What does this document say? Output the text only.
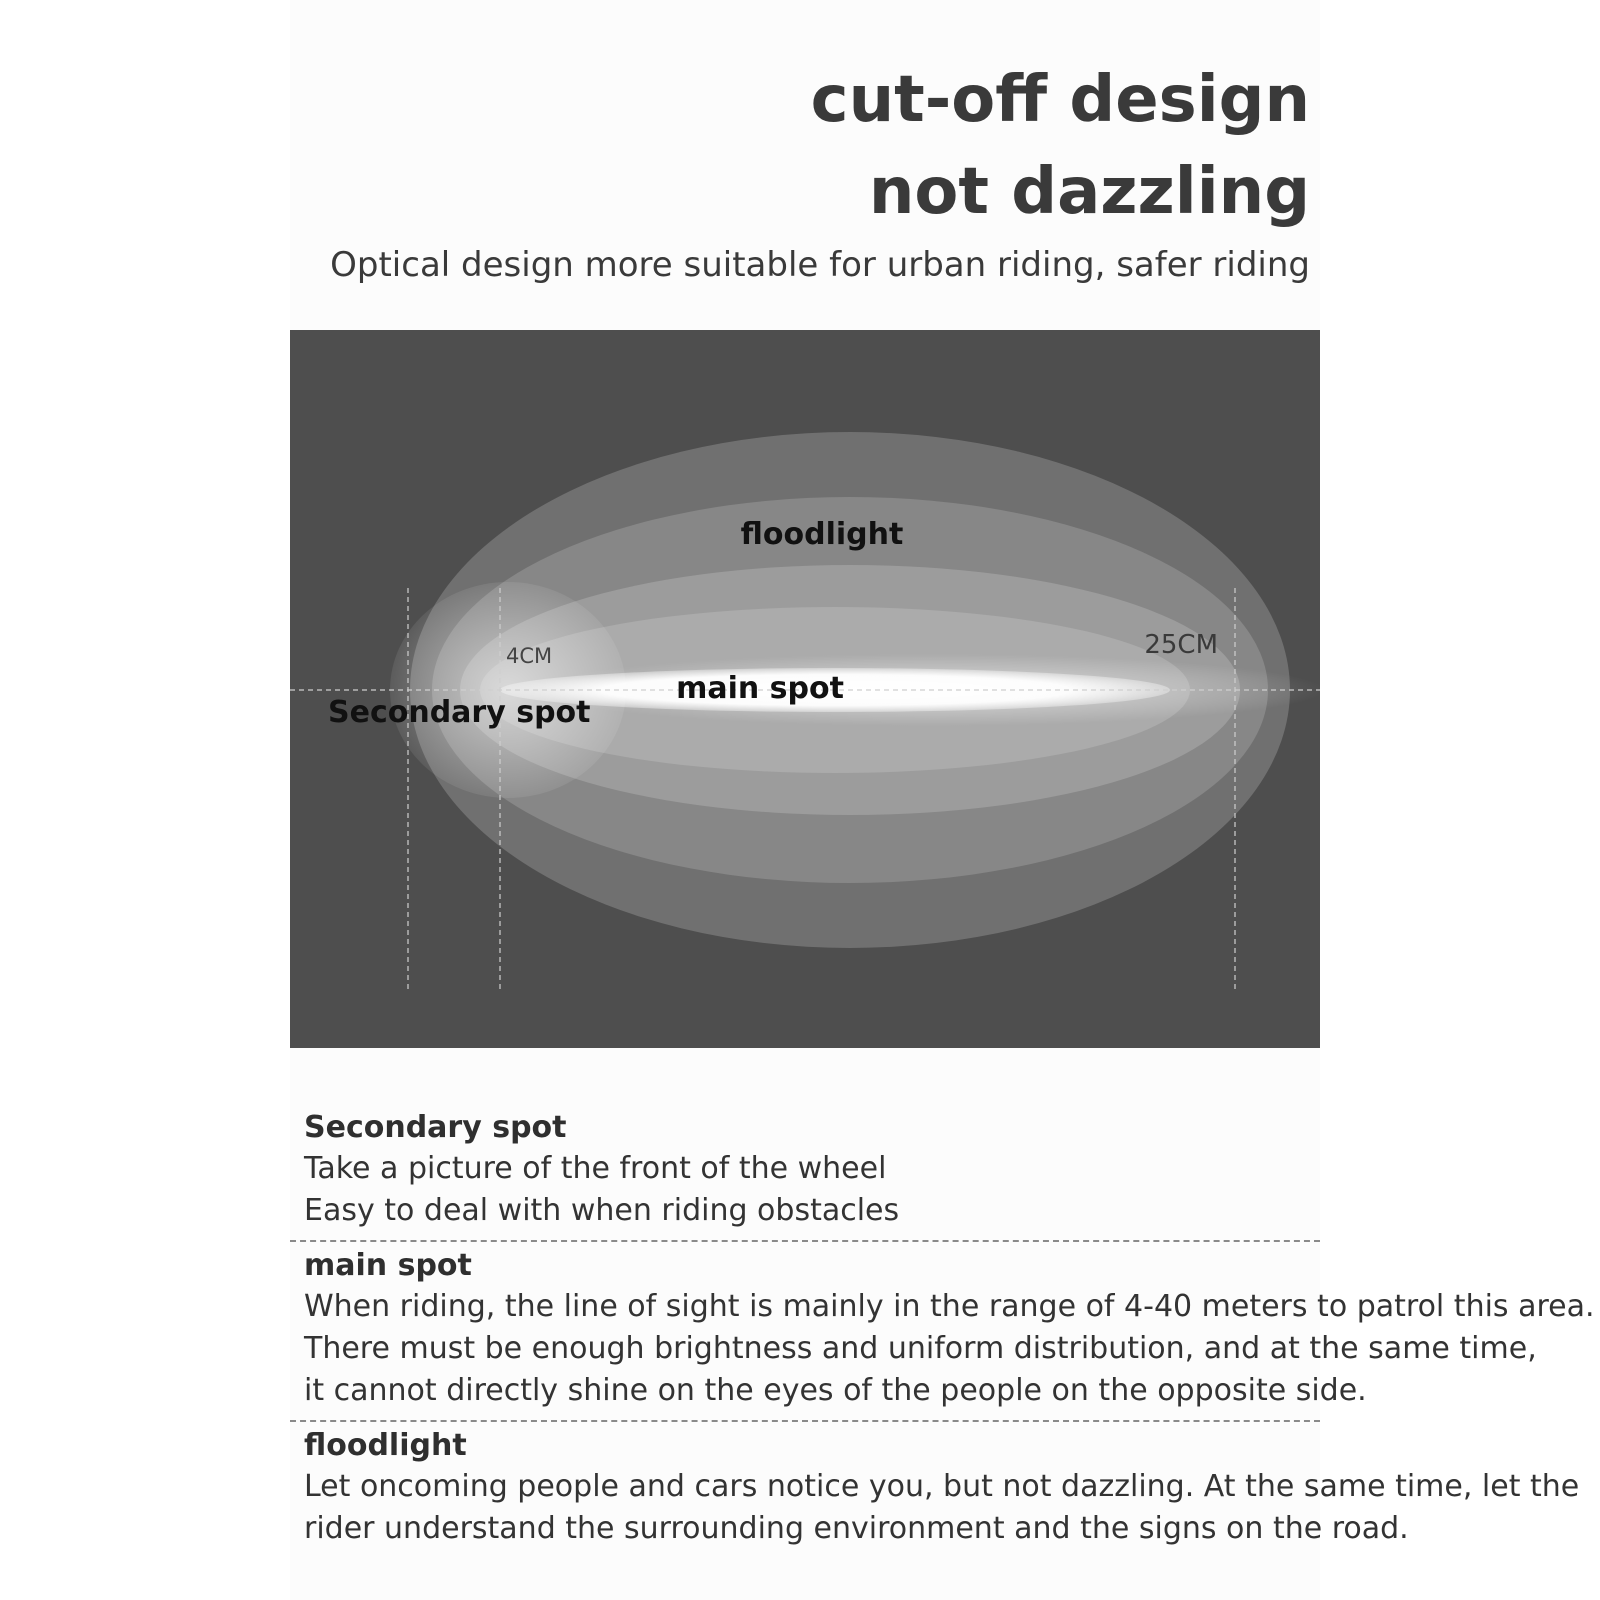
cut-off design
not dazzling

Optical design more suitable for urban riding, safer riding

floodlight
4CM	25CM
main spot
Secondary spot

Secondary spot

Take a picture of the front of the wheel

Easy to deal with when riding obstacles

main spot

When riding, the line of sight is mainly in the range of 4-40 meters to patrol this area.

There must be enough brightness and uniform distribution, and at the same time,

it cannot directly shine on the eyes of the people on the opposite side.

floodlight

Let oncoming people and cars notice you, but not dazzling. At the same time, let the

rider understand the surrounding environment and the signs on the road.
